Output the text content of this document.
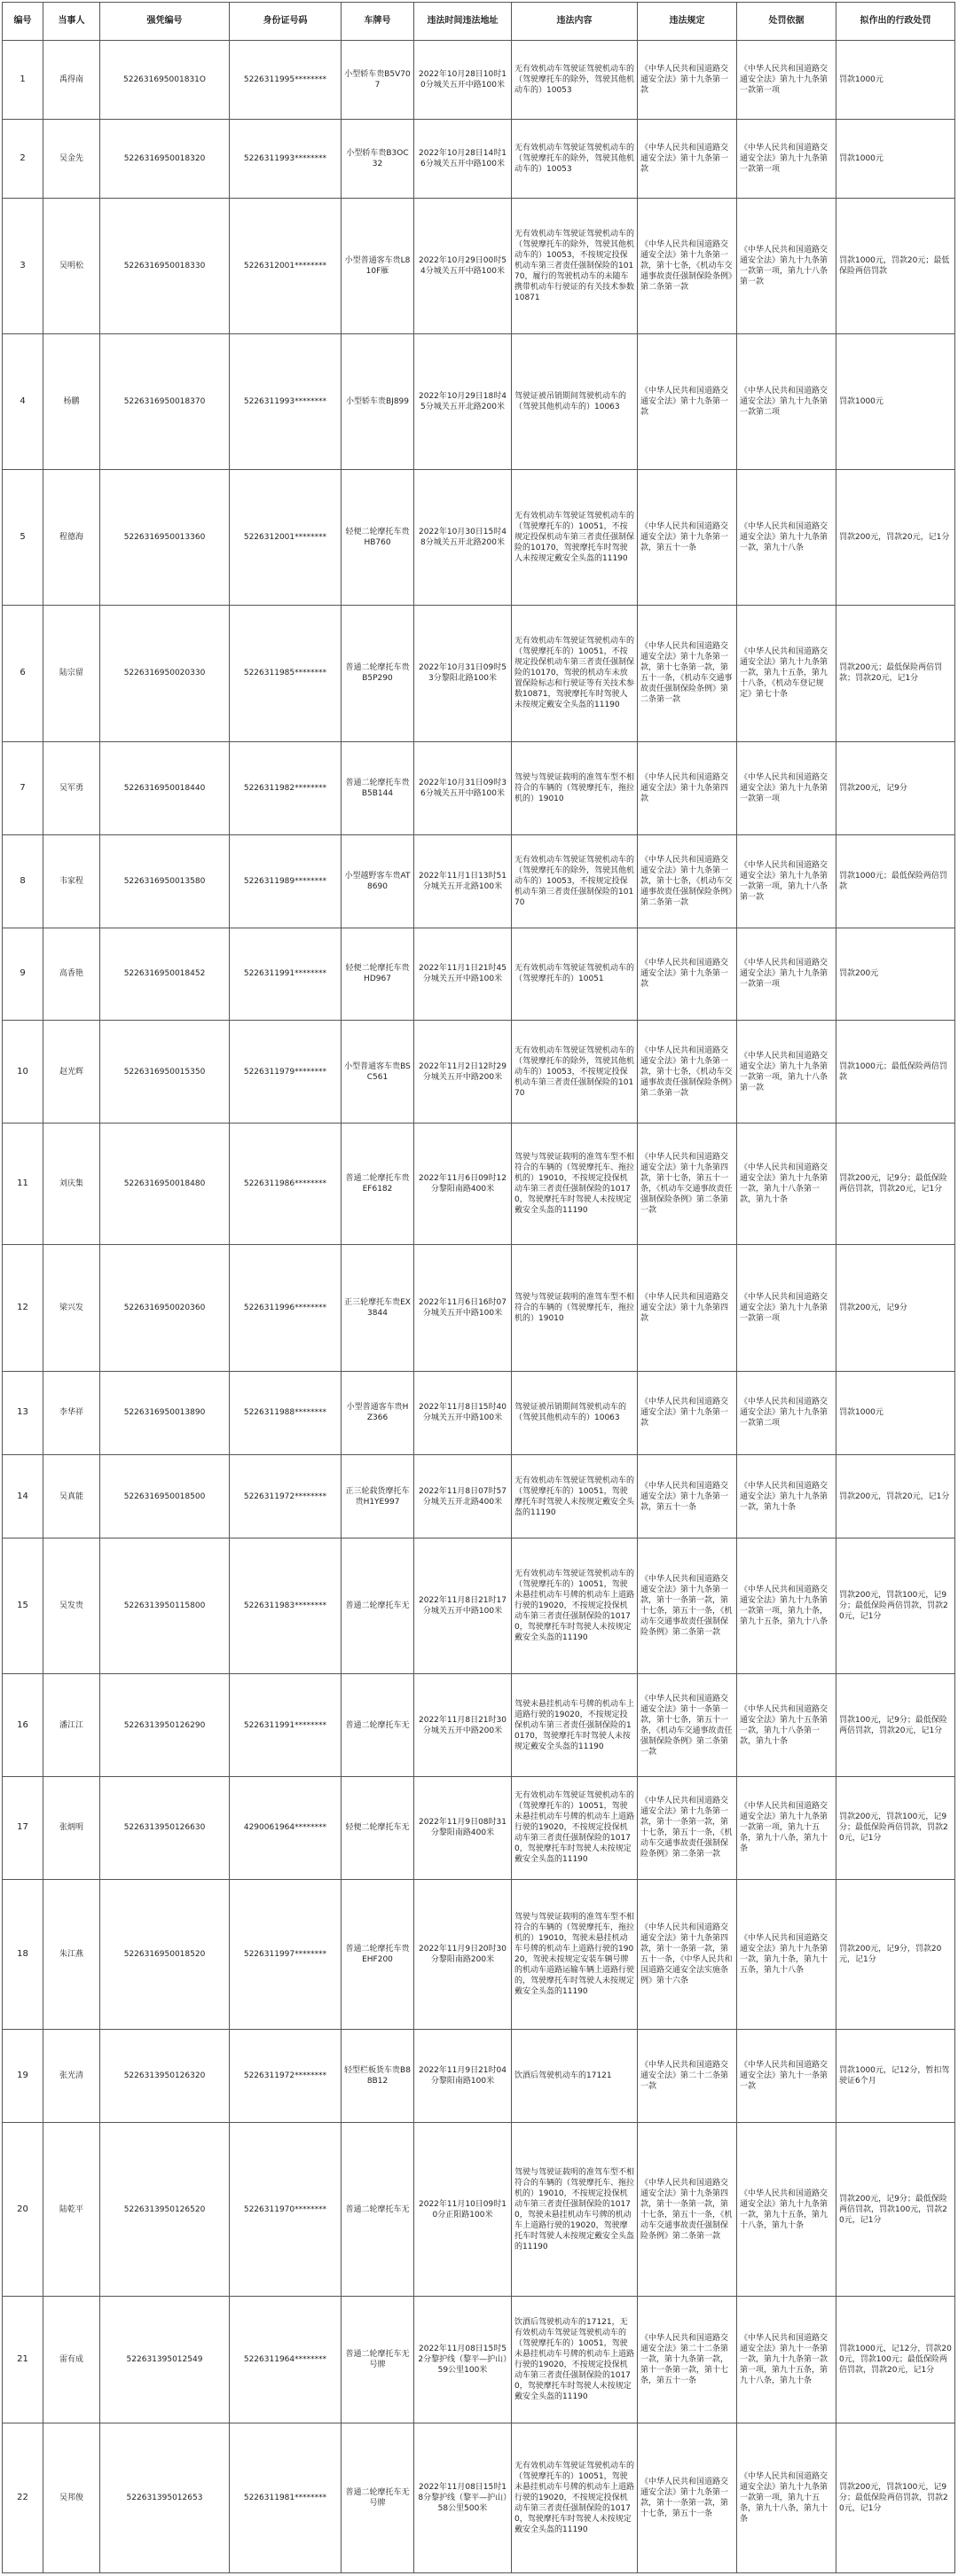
编号	当事人	强凭编号	身份证号码	车牌号	违法时间违法地址	违法内容	违法规定	处罚依据	拟作出的行政处罚
1	禹得南	522631695001831O	5226311995********	小型轿车贵B5V707	2022年10月28日10时10分城关五开中路100米	无有效机动车驾驶证驾驶机动车的（驾驶摩托车的除外，驾驶其他机动车的）10053	《中华人民共和国道路交通安全法》第十九条第一款	《中华人民共和国道路交通安全法》第九十九条第一款第一项	罚款1000元
2	吴金先	5226316950018320	5226311993********	小型轿车贵B3OC32	2022年10月28日14时16分城关五开中路100米	无有效机动车驾驶证驾驶机动车的（驾驶摩托车的除外，驾驶其他机动车的）10053	《中华人民共和国道路交通安全法》第十九条第一款	《中华人民共和国道路交通安全法》第九十九条第一款第一项	罚款1000元
3	吴明松	5226316950018330	5226312001********	小型普通客车贵L810F雁	2022年10月29日00时54分城关五开中路100米	无有效机动车驾驶证驾驶机动车的（驾驶摩托车的除外，驾驶其他机动车的）10053，不按规定投保机动车第三者责任强制保险的10170，履行的驾驶机动车的未随车携带机动车行驶证的有关技术参数10871	《中华人民共和国道路交通安全法》第十九条第一款，第十七条，《机动车交通事故责任强制保险条例》第二条第一款	《中华人民共和国道路交通安全法》第九十九条第一款第一项，第九十八条第一款	罚款1000元，罚款20元；最低保险两倍罚款
4	杨鹏	5226316950018370	5226311993********	小型轿车贵BJ899	2022年10月29日18时45分城关五开北路200米	驾驶证被吊销期间驾驶机动车的（驾驶其他机动车的）10063	《中华人民共和国道路交通安全法》第十九条第一款	《中华人民共和国道路交通安全法》第九十九条第一款第二项	罚款1000元
5	程德海	5226316950013360	5226312001********	轻便二轮摩托车贵HB760	2022年10月30日15时48分城关五开北路200米	无有效机动车驾驶证驾驶机动车的（驾驶摩托车的）10051，不按规定投保机动车第三者责任强制保险的10170，驾驶摩托车时驾驶人未按规定戴安全头盔的11190	《中华人民共和国道路交通安全法》第十九条第一款，第五十一条	《中华人民共和国道路交通安全法》第九十九条第一款，第九十八条	罚款200元，罚款20元，记1分
6	陆宗留	5226316950020330	5226311985********	普通二轮摩托车贵B5P290	2022年10月31日09时53分黎阳北路100米	无有效机动车驾驶证驾驶机动车的（驾驶摩托车的）10051，不按规定投保机动车第三者责任强制保险的10170，驾驶的机动车未放置保险标志和行驶证等有关技术参数10871，驾驶摩托车时驾驶人未按规定戴安全头盔的11190	《中华人民共和国道路交通安全法》第十九条第一款，第十七条第一款，第五十一条，《机动车交通事故责任强制保险条例》第二条第一款	《中华人民共和国道路交通安全法》第九十九条第一款，第九十五条，第九十八条，《机动车登记规定》第七十条	罚款200元；最低保险两倍罚款；罚款20元，记1分
7	吴军勇	5226316950018440	5226311982********	普通二轮摩托车贵B5B144	2022年10月31日09时36分城关五开中路100米	驾驶与驾驶证载明的准驾车型不相符合的车辆的（驾驶摩托车，拖拉机的）19010	《中华人民共和国道路交通安全法》第十九条第四款	《中华人民共和国道路交通安全法》第九十九条第一款第一项	罚款200元，记9分
8	韦家程	5226316950013580	5226311989********	小型越野客车贵AT8690	2022年11月1日13时51分城关五开北路100米	无有效机动车驾驶证驾驶机动车的（驾驶摩托车的除外，驾驶其他机动车的）10053，不按规定投保机动车第三者责任强制保险的10170	《中华人民共和国道路交通安全法》第十九条第一款，第十七条，《机动车交通事故责任强制保险条例》第二条第一款	《中华人民共和国道路交通安全法》第九十九条第一款第一项，第九十八条第一款	罚款1000元；最低保险两倍罚款
9	高香艳	5226316950018452	5226311991********	轻便二轮摩托车贵HD967	2022年11月1日21时45分城关五开中路100米	无有效机动车驾驶证驾驶机动车的（驾驶摩托车的）10051	《中华人民共和国道路交通安全法》第十九条第一款	《中华人民共和国道路交通安全法》第九十九条第一款第一项	罚款200元
10	赵光辉	5226316950015350	5226311979********	小型普通客车贵BSC561	2022年11月2日12时29分城关五开中路200米	无有效机动车驾驶证驾驶机动车的（驾驶摩托车的除外，驾驶其他机动车的）10053，不按规定投保机动车第三者责任强制保险的10170	《中华人民共和国道路交通安全法》第十九条第一款，第十七条，《机动车交通事故责任强制保险条例》第二条第一款	《中华人民共和国道路交通安全法》第九十九条第一款第一项，第九十八条第一款	罚款1000元；最低保险两倍罚款
11	刘庆集	5226316950018480	5226311986********	普通二轮摩托车贵EF6182	2022年11月6日09时12分黎阳南路400米	驾驶与驾驶证载明的准驾车型不相符合的车辆的（驾驶摩托车、拖拉机的）19010，不按规定投保机动车第三者责任强制保险的10170，驾驶摩托车时驾驶人未按规定戴安全头盔的11190	《中华人民共和国道路交通安全法》第十九条第四款，第十七条，第五十一条，《机动车交通事故责任强制保险条例》第二条第一款	《中华人民共和国道路交通安全法》第九十九条第一款，第九十八条第一款，第九十条	罚款200元，记9分；最低保险两倍罚款，罚款20元，记1分
12	梁兴发	5226316950020360	5226311996********	正三轮摩托车贵EX3844	2022年11月6日16时07分城关五开中路100米	驾驶与驾驶证载明的准驾车型不相符合的车辆的（驾驶摩托车，拖拉机的）19010	《中华人民共和国道路交通安全法》第十九条第四款	《中华人民共和国道路交通安全法》第九十九条第一款第一项	罚款200元，记9分
13	李华祥	5226316950013890	5226311988********	小型普通客车贵HZ366	2022年11月8日15时40分城关五开中路100米	驾驶证被吊销期间驾驶机动车的（驾驶其他机动车的）10063	《中华人民共和国道路交通安全法》第十九条第一款	《中华人民共和国道路交通安全法》第九十九条第一款第二项	罚款1000元
14	吴真能	5226316950018500	5226311972********	正三轮载货摩托车贵H1YE997	2022年11月8日07时57分城关五开北路400米	无有效机动车驾驶证驾驶机动车的（驾驶摩托车的）10051，驾驶摩托车时驾驶人未按规定戴安全头盔的11190	《中华人民共和国道路交通安全法》第十九条第一款，第五十一条	《中华人民共和国道路交通安全法》第九十九条第一款，第九十条	罚款200元，罚款20元，记1分
15	吴发贵	5226313950115800	5226311983********	普通二轮摩托车无	2022年11月8日21时17分城关五开中路100米	无有效机动车驾驶证驾驶机动车的（驾驶摩托车的）10051，驾驶未悬挂机动车号牌的机动车上道路行驶的19020，不按规定投保机动车第三者责任强制保险的10170，驾驶摩托车时驾驶人未按规定戴安全头盔的11190	《中华人民共和国道路交通安全法》第十九条第一款，第十一条第一款，第十七条，第五十一条，《机动车交通事故责任强制保险条例》第二条第一款	《中华人民共和国道路交通安全法》第九十九条第一款第一项，第九十条，第九十五条，第九十八条	罚款200元，罚款100元，记9分；最低保险两倍罚款，罚款20元，记1分
16	潘江江	5226313950126290	5226311991********	普通二轮摩托车无	2022年11月8日21时30分城关五开中路200米	驾驶未悬挂机动车号牌的机动车上道路行驶的19020，不按规定投保机动车第三者责任强制保险的10170，驾驶摩托车时驾驶人未按规定戴安全头盔的11190	《中华人民共和国道路交通安全法》第十一条第一款，第十七条，第五十一条，《机动车交通事故责任强制保险条例》第二条第一款	《中华人民共和国道路交通安全法》第九十五条第一款，第九十八条第一款，第九十条	罚款100元，记9分；最低保险两倍罚款，罚款20元，记1分
17	张炳明	5226313950126630	4290061964********	轻便二轮摩托车无	2022年11月9日08时31分黎阳南路400米	无有效机动车驾驶证驾驶机动车的（驾驶摩托车的）10051，驾驶未悬挂机动车号牌的机动车上道路行驶的19020，不按规定投保机动车第三者责任强制保险的10170，驾驶摩托车时驾驶人未按规定戴安全头盔的11190	《中华人民共和国道路交通安全法》第十九条第一款，第十一条第一款，第十七条，第五十一条，《机动车交通事故责任强制保险条例》第二条第一款	《中华人民共和国道路交通安全法》第九十九条第一款第一项，第九十五条，第九十八条，第九十条	罚款200元，罚款100元，记9分；最低保险两倍罚款，罚款20元，记1分
18	朱江燕	5226316950018520	5226311997********	普通二轮摩托车贵EHF200	2022年11月9日20时30分黎阳南路200米	驾驶与驾驶证载明的准驾车型不相符合的车辆的（驾驶摩托车，拖拉机的）19010，驾驶未悬挂机动车号牌的机动车上道路行驶的19020，驾驶未按规定安装车辆号牌的机动车道路运输车辆上道路行驶的，驾驶摩托车时驾驶人未按规定戴安全头盔的11190	《中华人民共和国道路交通安全法》第十九条第四款，第十一条第一款，第五十一条，《中华人民共和国道路交通安全法实施条例》第十六条	《中华人民共和国道路交通安全法》第九十九条第一款，第九十条，第九十五条，第九十八条	罚款200元，记9分，罚款20元，记1分
19	张光清	5226313950126320	5226311972********	轻型栏板货车贵B88B12	2022年11月9日21时04分黎阳南路100米	饮酒后驾驶机动车的17121	《中华人民共和国道路交通安全法》第二十二条第一款	《中华人民共和国道路交通安全法》第九十一条第一款	罚款1000元，记12分，暂扣驾驶证6个月
20	陆乾平	5226313950126520	5226311970********	普通二轮摩托车无	2022年11月10日09时10分正阳路100米	驾驶与驾驶证载明的准驾车型不相符合的车辆的（驾驶摩托车、拖拉机的）19010，不按规定投保机动车第三者责任强制保险的10170，驾驶未悬挂机动车号牌的机动车上道路行驶的19020，驾驶摩托车时驾驶人未按规定戴安全头盔的11190	《中华人民共和国道路交通安全法》第十九条第四款，第十一条第一款，第十七条，第五十一条，《机动车交通事故责任强制保险条例》第二条第一款	《中华人民共和国道路交通安全法》第九十九条第一款，第九十五条，第九十八条，第九十条	罚款200元，记9分；最低保险两倍罚款，罚款100元，罚款20元，记1分
21	雷有成	522631395012549	5226311964********	普通二轮摩托车无号牌	2022年11月08日15时52分黎护线（黎平—护山）59公里100米	饮酒后驾驶机动车的17121，无有效机动车驾驶证驾驶机动车的（驾驶摩托车的）10051，驾驶未悬挂机动车号牌的机动车上道路行驶的19020，不按规定投保机动车第三者责任强制保险的10170，驾驶摩托车时驾驶人未按规定戴安全头盔的11190	《中华人民共和国道路交通安全法》第二十二条第一款，第十九条第一款，第十一条第一款，第十七条，第五十一条	《中华人民共和国道路交通安全法》第九十一条第一款，第九十九条第一款第一项，第九十五条，第九十八条，第九十条	罚款1000元，记12分，罚款200元，罚款100元；最低保险两倍罚款，罚款20元，记1分
22	吴邦俊	522631395012653	5226311981********	普通二轮摩托车无号牌	2022年11月08日15时18分黎护线（黎平—护山）58公里500米	无有效机动车驾驶证驾驶机动车的（驾驶摩托车的）10051，驾驶未悬挂机动车号牌的机动车上道路行驶的19020，不按规定投保机动车第三者责任强制保险的10170，驾驶摩托车时驾驶人未按规定戴安全头盔的11190	《中华人民共和国道路交通安全法》第十九条第一款，第十一条第一款，第十七条，第五十一条	《中华人民共和国道路交通安全法》第九十九条第一款第一项，第九十五条，第九十八条，第九十条	罚款200元，罚款100元，记9分；最低保险两倍罚款，罚款20元，记1分
